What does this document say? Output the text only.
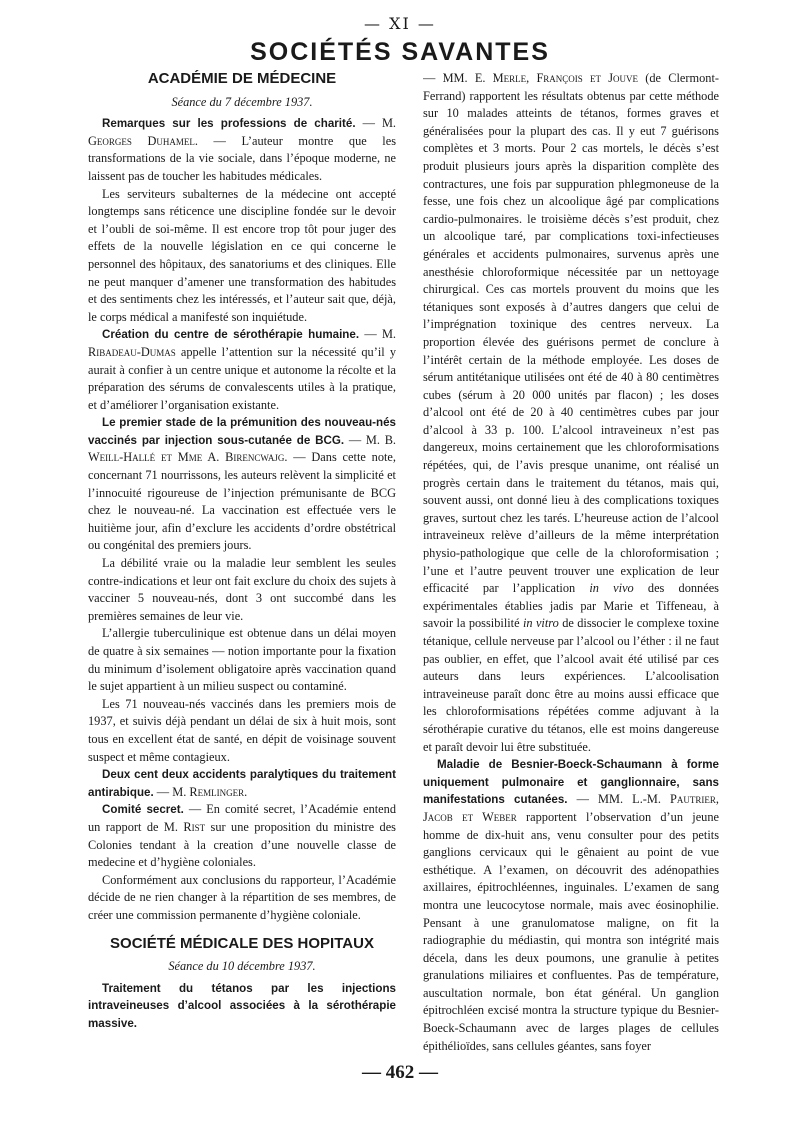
— XI —
SOCIÉTÉS SAVANTES
ACADÉMIE DE MÉDECINE
Séance du 7 décembre 1937.

Remarques sur les professions de charité. — M. Georges Duhamel. — L’auteur montre que les transformations de la vie sociale, dans l’époque moderne, ne laissent pas de toucher les habitudes médicales.

Les serviteurs subalternes de la médecine ont accepté longtemps sans réticence une discipline fondée sur le devoir et l’oubli de soi-même. Il est encore trop tôt pour juger des effets de la nouvelle législation en ce qui concerne le personnel des hôpitaux, des sanatoriums et des cliniques. Elle ne peut manquer d’amener une transformation des habitudes et des sentiments chez les intéressés, et l’auteur sait que, déjà, le corps médical a manifesté son inquiétude.

Création du centre de sérothérapie humaine. — M. Ribadeau-Dumas appelle l’attention sur la nécessité qu’il y aurait à confier à un centre unique et autonome la récolte et la préparation des sérums de convalescents utiles à la pratique, et d’améliorer l’organisation existante.

Le premier stade de la prémunition des nouveau-nés vaccinés par injection sous-cutanée de BCG. — M. B. Weill-Hallé et Mme A. Birencwajg. — Dans cette note, concernant 71 nourrissons, les auteurs relèvent la simplicité et l’innocuité rigoureuse de l’injection prémunisante de BCG chez le nouveau-né. La vaccination est effectuée vers le huitième jour, afin d’exclure les accidents d’ordre obstétrical ou congénital des premiers jours.

La débilité vraie ou la maladie leur semblent les seules contre-indications et leur ont fait exclure du choix des sujets à vacciner 5 nouveau-nés, dont 3 ont succombé dans les premières semaines de leur vie.

L’allergie tuberculinique est obtenue dans un délai moyen de quatre à six semaines — notion importante pour la fixation du minimum d’isolement obligatoire après vaccination quand le sujet appartient à un milieu suspect ou contaminé.

Les 71 nouveau-nés vaccinés dans les premiers mois de 1937, et suivis déjà pendant un délai de six à huit mois, sont tous en excellent état de santé, en dépit de voisinage souvent suspect et même contagieux.

Deux cent deux accidents paralytiques du traitement antirabique. — M. Remlinger.

Comité secret. — En comité secret, l’Académie entend un rapport de M. Rist sur une proposition du ministre des Colonies tendant à la creation d’une nouvelle classe de medecine et d’hygiène coloniales.

Conformément aux conclusions du rapporteur, l’Académie décide de ne rien changer à la répartition de ses membres, de créer une commission permanente d’hygiène coloniale.

SOCIÉTÉ MÉDICALE DES HOPITAUX
Séance du 10 décembre 1937.

Traitement du tétanos par les injections intraveineuses d’alcool associées à la sérothérapie massive.

— MM. E. Merle, François et Jouve (de Clermont-Ferrand) rapportent les résultats obtenus par cette méthode sur 10 malades atteints de tétanos, formes graves et généralisées pour la plupart des cas. Il y eut 7 guérisons complètes et 3 morts. Pour 2 cas mortels, le décès s’est produit plusieurs jours après la disparition complète des contractures, une fois par suppuration phlegmoneuse de la fesse, une fois chez un alcoolique âgé par complications cardio-pulmonaires. le troisième décès s’est produit, chez un alcoolique taré, par complications toxi-infectieuses générales et accidents pulmonaires, survenus après une anesthésie chloroformique nécessitée par un nettoyage chirurgical. Ces cas mortels prouvent du moins que les tétaniques sont exposés à d’autres dangers que celui de l’imprégnation toxinique des centres nerveux. La proportion élevée des guérisons permet de conclure à l’intérêt certain de la méthode employée. Les doses de sérum antitétanique utilisées ont été de 40 à 80 centimètres cubes (sérum à 20 000 unités par flacon) ; les doses d’alcool ont été de 20 à 40 centimètres cubes par jour d’alcool à 33 p. 100. L’alcool intraveineux n’est pas dangereux, moins certainement que les chloroformisations répétées, qui, de l’avis presque unanime, ont réalisé un progrès certain dans le traitement du tétanos, mais qui, souvent aussi, ont donné lieu à des complications toxiques graves, surtout chez les tarés. L’heureuse action de l’alcool intraveineux relève d’ailleurs de la même interprétation physio-pathologique que celle de la chloroformisation ; l’une et l’autre peuvent trouver une explication de leur efficacité par l’application in vivo des données expérimentales établies jadis par Marie et Tiffeneau, à savoir la possibilité in vitro de dissocier le complexe toxine tétanique, cellule nerveuse par l’alcool ou l’éther : il ne faut pas oublier, en effet, que l’alcool avait été utilisé par ces auteurs dans leurs expériences. L’alcoolisation intraveineuse paraît donc être au moins aussi efficace que les chloroformisations répétées comme adjuvant à la sérothérapie curative du tétanos, elle est moins dangereuse et paraît devoir lui être substituée.

Maladie de Besnier-Boeck-Schaumann à forme uniquement pulmonaire et ganglionnaire, sans manifestations cutanées. — MM. L.-M. Pautrier, Jacob et Weber rapportent l’observation d’un jeune homme de dix-huit ans, venu consulter pour des petits ganglions cervicaux qui le gênaient au point de vue esthétique. A l’examen, on découvrit des adénopathies axillaires, épitrochléennes, inguinales. L’examen de sang montra une leucocytose normale, mais avec éosinophilie. Pensant à une granulomatose maligne, on fit la radiographie du médiastin, qui montra son intégrité mais décela, dans les deux poumons, une granulie à petites granulations miliaires et confluentes. Pas de température, auscultation normale, bon état général. Un ganglion épitrochléen excisé montra la structure typique du Besnier-Boeck-Schaumann avec de larges plages de cellules épithélioïdes, sans cellules géantes, sans foyer

— 462 —
